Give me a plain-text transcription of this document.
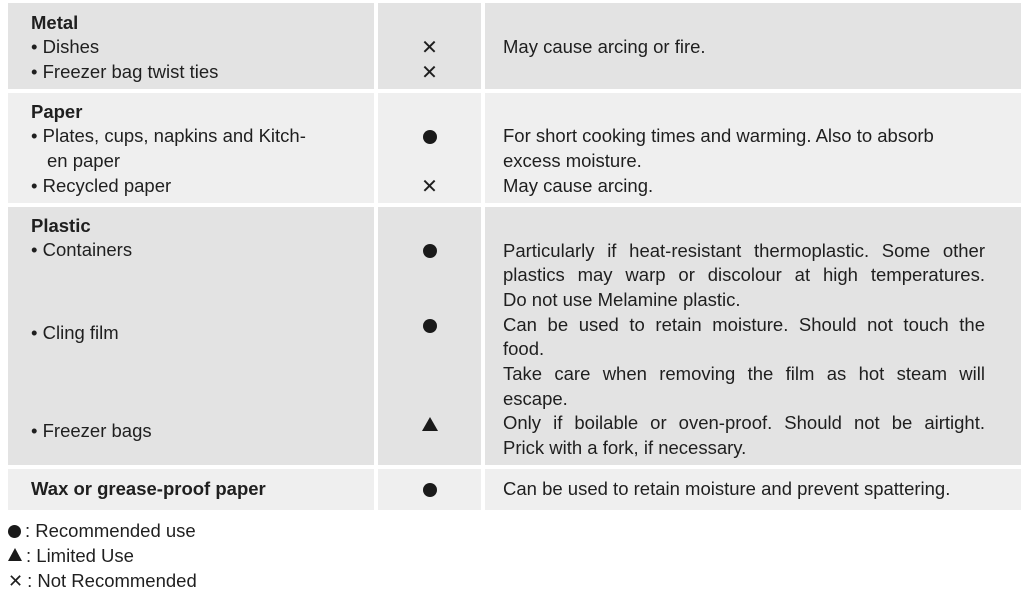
Metal
• Dishes
• Freezer bag twist ties
✕
✕
May cause arcing or fire.
Paper
• Plates, cups, napkins and Kitch-
en paper
• Recycled paper	✕
For short cooking times and warming. Also to absorb
excess moisture.
May cause arcing.
Plastic
• Containers
• Cling film
• Freezer bags
Particularly if heat-resistant thermoplastic. Some other
plastics may warp or discolour at high temperatures.
Do not use Melamine plastic.
Can be used to retain moisture. Should not touch the
food.
Take care when removing the film as hot steam will
escape.
Only if boilable or oven-proof. Should not be airtight.
Prick with a fork, if necessary.
Wax or grease-proof paper	Can be used to retain moisture and prevent spattering.
: Recommended use
: Limited Use
✕ : Not Recommended
